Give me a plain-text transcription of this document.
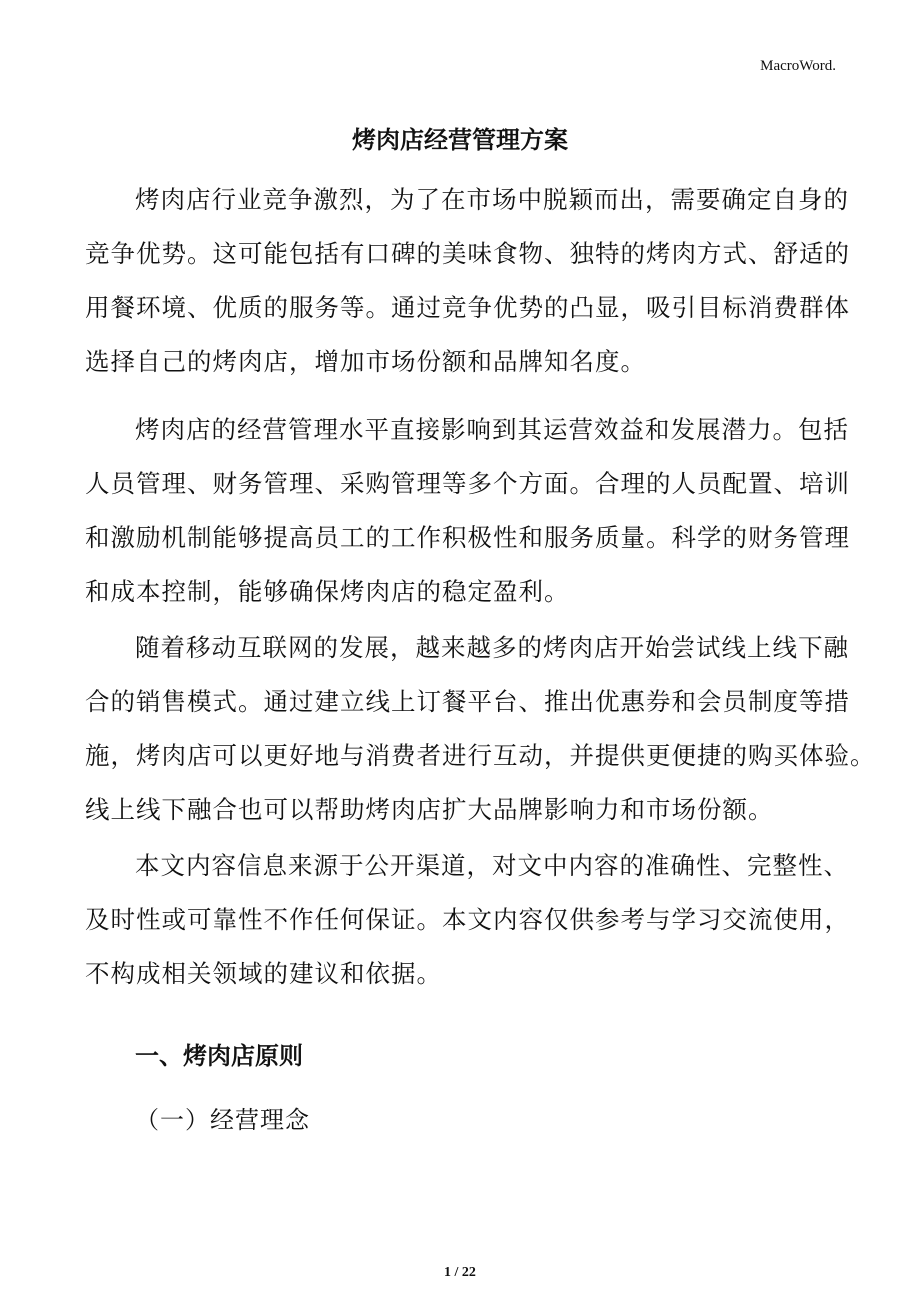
MacroWord.
烤肉店经营管理方案
烤肉店行业竞争激烈，为了在市场中脱颖而出，需要确定自身的
竞争优势。这可能包括有口碑的美味食物、独特的烤肉方式、舒适的
用餐环境、优质的服务等。通过竞争优势的凸显，吸引目标消费群体
选择自己的烤肉店，增加市场份额和品牌知名度。
烤肉店的经营管理水平直接影响到其运营效益和发展潜力。包括
人员管理、财务管理、采购管理等多个方面。合理的人员配置、培训
和激励机制能够提高员工的工作积极性和服务质量。科学的财务管理
和成本控制，能够确保烤肉店的稳定盈利。
随着移动互联网的发展，越来越多的烤肉店开始尝试线上线下融
合的销售模式。通过建立线上订餐平台、推出优惠券和会员制度等措
施，烤肉店可以更好地与消费者进行互动，并提供更便捷的购买体验。
线上线下融合也可以帮助烤肉店扩大品牌影响力和市场份额。
本文内容信息来源于公开渠道，对文中内容的准确性、完整性、
及时性或可靠性不作任何保证。本文内容仅供参考与学习交流使用，
不构成相关领域的建议和依据。
一、烤肉店原则
（一）经营理念
1 / 22
